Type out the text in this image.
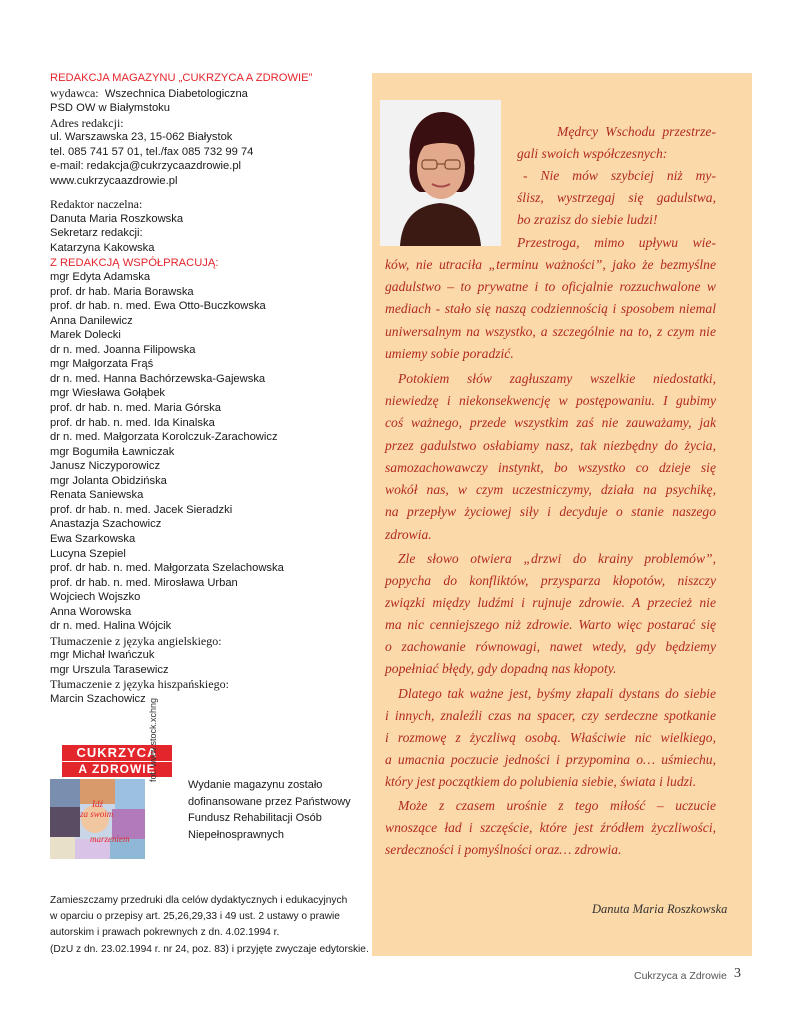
REDAKCJA MAGAZYNU „CUKRZYCA A ZDROWIE”
wydawca: Wszechnica Diabetologiczna
PSD OW w Białymstoku
Adres redakcji:
ul. Warszawska 23, 15-062 Białystok
tel. 085 741 57 01, tel./fax 085 732 99 74
e-mail: redakcja@cukrzycaazdrowie.pl
www.cukrzycaazdrowie.pl
Redaktor naczelna:
Danuta Maria Roszkowska
Sekretarz redakcji:
Katarzyna Kakowska
Z REDAKCJĄ WSPÓŁPRACUJĄ:
mgr Edyta Adamska
prof. dr hab. Maria Borawska
prof. dr hab. n. med. Ewa Otto-Buczkowska
Anna Danilewicz
Marek Dolecki
dr n. med. Joanna Filipowska
mgr Małgorzata Frąś
dr n. med. Hanna Bachórzewska-Gajewska
mgr Wiesława Gołąbek
prof. dr hab. n. med. Maria Górska
prof. dr hab. n. med. Ida Kinalska
dr n. med. Małgorzata Korolczuk-Zarachowicz
mgr Bogumiła Ławniczak
Janusz Niczyporowicz
mgr Jolanta Obidzińska
Renata Saniewska
prof. dr hab. n. med. Jacek Sieradzki
Anastazja Szachowicz
Ewa Szarkowska
Lucyna Szepiel
prof. dr hab. n. med. Małgorzata Szelachowska
prof. dr hab. n. med. Mirosława Urban
Wojciech Wojszko
Anna Worowska
dr n. med. Halina Wójcik
Tłumaczenie z języka angielskiego:
mgr Michał Iwańczuk
mgr Urszula Tarasewicz
Tłumaczenie z języka hiszpańskiego:
Marcin Szachowicz
CUKRZYCA
A ZDROWIE
Idź
za swoim
marzeniem
fot. www.stock.xchng
Wydanie magazynu zostało
dofinansowane przez Państwowy
Fundusz Rehabilitacji Osób
Niepełnosprawnych
Zamieszczamy przedruki dla celów dydaktycznych i edukacyjnych
w oparciu o przepisy art. 25,26,29,33 i 49 ust. 2 ustawy o prawie
autorskim i prawach pokrewnych z dn. 4.02.1994 r.
(DzU z dn. 23.02.1994 r. nr 24, poz. 83) i przyjęte zwyczaje edytorskie.
Mędrcy Wschodu przestrze-
gali swoich współczesnych:
- Nie mów szybciej niż my-
ślisz, wystrzegaj się gadulstwa,
bo zrazisz do siebie ludzi!
Przestroga, mimo upływu wie-
ków, nie utraciła „terminu ważności”, jako że bezmyślne
gadulstwo – to prywatne i to oficjalnie rozzuchwalone w
mediach - stało się naszą codziennością i sposobem niemal
uniwersalnym na wszystko, a szczególnie na to, z czym nie
umiemy sobie poradzić.
Potokiem słów zagłuszamy wszelkie niedostatki,
niewiedzę i niekonsekwencję w postępowaniu. I gubimy
coś ważnego, przede wszystkim zaś nie zauważamy, jak
przez gadulstwo osłabiamy nasz, tak niezbędny do życia,
samozachowawczy instynkt, bo wszystko co dzieje się
wokół nas, w czym uczestniczymy, działa na psychikę,
na przepływ życiowej siły i decyduje o stanie naszego
zdrowia.
Zle słowo otwiera „drzwi do krainy problemów”,
popycha do konfliktów, przysparza kłopotów, niszczy
związki między ludźmi i rujnuje zdrowie. A przecież nie
ma nic cenniejszego niż zdrowie. Warto więc postarać się
o zachowanie równowagi, nawet wtedy, gdy będziemy
popełniać błędy, gdy dopadną nas kłopoty.
Dlatego tak ważne jest, byśmy złapali dystans do siebie
i innych, znaleźli czas na spacer, czy serdeczne spotkanie
i rozmowę z życzliwą osobą. Właściwie nic wielkiego,
a umacnia poczucie jedności i przypomina o… uśmiechu,
który jest początkiem do polubienia siebie, świata i ludzi.
Może z czasem urośnie z tego miłość – uczucie
wnoszące ład i szczęście, które jest źródłem życzliwości,
serdeczności i pomyślności oraz… zdrowia.
Danuta Maria Roszkowska
Cukrzyca a Zdrowie 3
